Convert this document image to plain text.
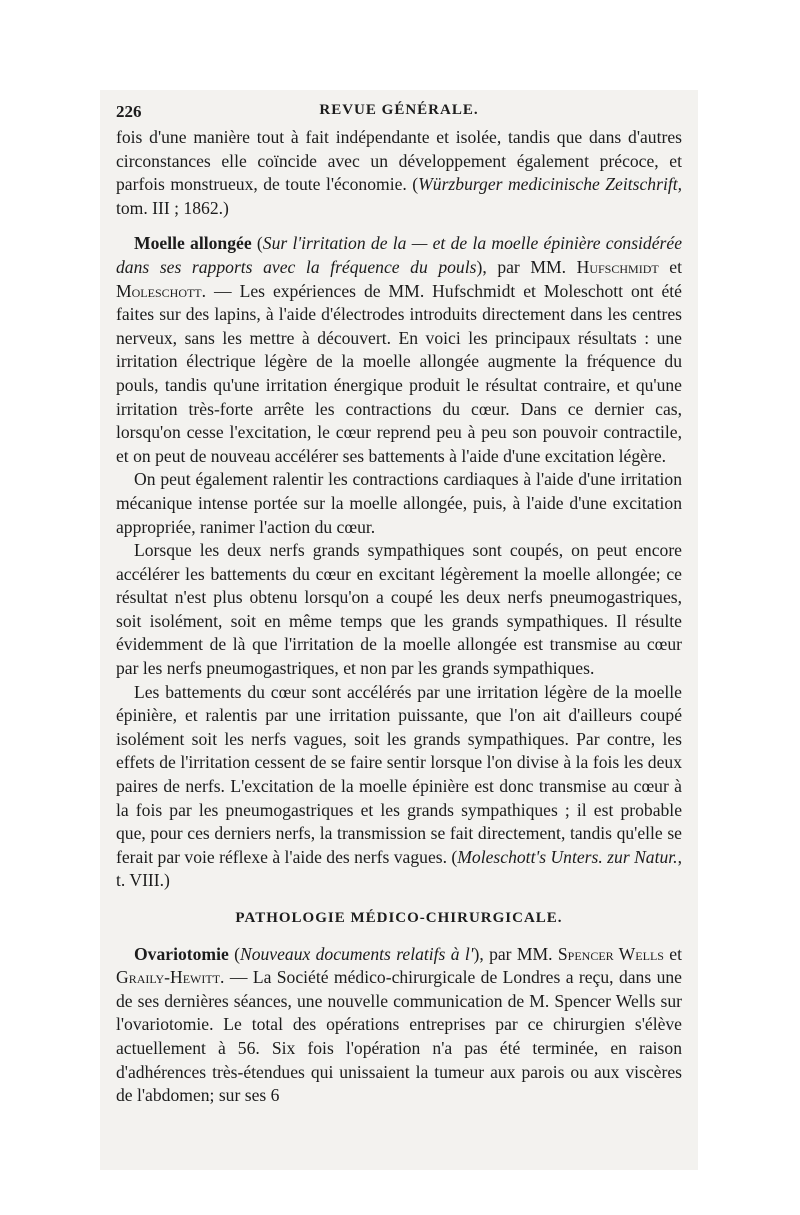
226	REVUE GÉNÉRALE.

fois d'une manière tout à fait indépendante et isolée, tandis que dans d'autres circonstances elle coïncide avec un développement également précoce, et parfois monstrueux, de toute l'économie. (Würzburger medicinische Zeitschrift, tom. III ; 1862.)

Moelle allongée (Sur l'irritation de la — et de la moelle épinière considérée dans ses rapports avec la fréquence du pouls), par MM. Hufschmidt et Moleschott. — Les expériences de MM. Hufschmidt et Moleschott ont été faites sur des lapins, à l'aide d'électrodes introduits directement dans les centres nerveux, sans les mettre à découvert. En voici les principaux résultats : une irritation électrique légère de la moelle allongée augmente la fréquence du pouls, tandis qu'une irritation énergique produit le résultat contraire, et qu'une irritation très-forte arrête les contractions du cœur. Dans ce dernier cas, lorsqu'on cesse l'excitation, le cœur reprend peu à peu son pouvoir contractile, et on peut de nouveau accélérer ses battements à l'aide d'une excitation légère.

On peut également ralentir les contractions cardiaques à l'aide d'une irritation mécanique intense portée sur la moelle allongée, puis, à l'aide d'une excitation appropriée, ranimer l'action du cœur.

Lorsque les deux nerfs grands sympathiques sont coupés, on peut encore accélérer les battements du cœur en excitant légèrement la moelle allongée; ce résultat n'est plus obtenu lorsqu'on a coupé les deux nerfs pneumogastriques, soit isolément, soit en même temps que les grands sympathiques. Il résulte évidemment de là que l'irritation de la moelle allongée est transmise au cœur par les nerfs pneumogastriques, et non par les grands sympathiques.

Les battements du cœur sont accélérés par une irritation légère de la moelle épinière, et ralentis par une irritation puissante, que l'on ait d'ailleurs coupé isolément soit les nerfs vagues, soit les grands sympathiques. Par contre, les effets de l'irritation cessent de se faire sentir lorsque l'on divise à la fois les deux paires de nerfs. L'excitation de la moelle épinière est donc transmise au cœur à la fois par les pneumogastriques et les grands sympathiques ; il est probable que, pour ces derniers nerfs, la transmission se fait directement, tandis qu'elle se ferait par voie réflexe à l'aide des nerfs vagues. (Moleschott's Unters. zur Natur., t. VIII.)

PATHOLOGIE MÉDICO-CHIRURGICALE.

Ovariotomie (Nouveaux documents relatifs à l'), par MM. Spencer Wells et Graily-Hewitt. — La Société médico-chirurgicale de Londres a reçu, dans une de ses dernières séances, une nouvelle communication de M. Spencer Wells sur l'ovariotomie. Le total des opérations entreprises par ce chirurgien s'élève actuellement à 56. Six fois l'opération n'a pas été terminée, en raison d'adhérences très-étendues qui unissaient la tumeur aux parois ou aux viscères de l'abdomen; sur ses 6
